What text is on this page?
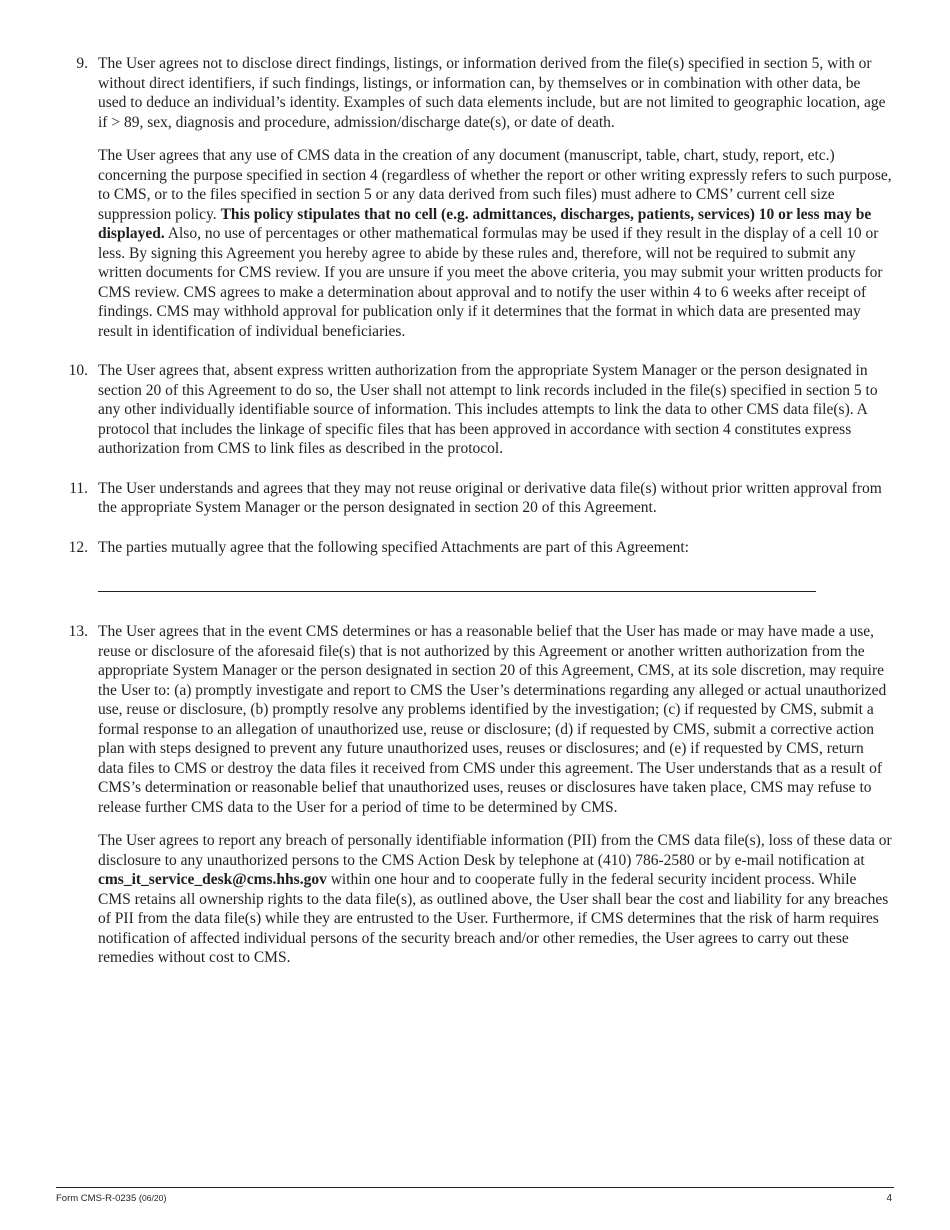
9. The User agrees not to disclose direct findings, listings, or information derived from the file(s) specified in section 5, with or without direct identifiers, if such findings, listings, or information can, by themselves or in combination with other data, be used to deduce an individual’s identity. Examples of such data elements include, but are not limited to geographic location, age if > 89, sex, diagnosis and procedure, admission/discharge date(s), or date of death.

The User agrees that any use of CMS data in the creation of any document (manuscript, table, chart, study, report, etc.) concerning the purpose specified in section 4 (regardless of whether the report or other writing expressly refers to such purpose, to CMS, or to the files specified in section 5 or any data derived from such files) must adhere to CMS’ current cell size suppression policy. This policy stipulates that no cell (e.g. admittances, discharges, patients, services) 10 or less may be displayed. Also, no use of percentages or other mathematical formulas may be used if they result in the display of a cell 10 or less. By signing this Agreement you hereby agree to abide by these rules and, therefore, will not be required to submit any written documents for CMS review. If you are unsure if you meet the above criteria, you may submit your written products for CMS review. CMS agrees to make a determination about approval and to notify the user within 4 to 6 weeks after receipt of findings. CMS may withhold approval for publication only if it determines that the format in which data are presented may result in identification of individual beneficiaries.

10. The User agrees that, absent express written authorization from the appropriate System Manager or the person designated in section 20 of this Agreement to do so, the User shall not attempt to link records included in the file(s) specified in section 5 to any other individually identifiable source of information. This includes attempts to link the data to other CMS data file(s). A protocol that includes the linkage of specific files that has been approved in accordance with section 4 constitutes express authorization from CMS to link files as described in the protocol.

11. The User understands and agrees that they may not reuse original or derivative data file(s) without prior written approval from the appropriate System Manager or the person designated in section 20 of this Agreement.

12. The parties mutually agree that the following specified Attachments are part of this Agreement:

13. The User agrees that in the event CMS determines or has a reasonable belief that the User has made or may have made a use, reuse or disclosure of the aforesaid file(s) that is not authorized by this Agreement or another written authorization from the appropriate System Manager or the person designated in section 20 of this Agreement, CMS, at its sole discretion, may require the User to: (a) promptly investigate and report to CMS the User’s determinations regarding any alleged or actual unauthorized use, reuse or disclosure, (b) promptly resolve any problems identified by the investigation; (c) if requested by CMS, submit a formal response to an allegation of unauthorized use, reuse or disclosure; (d) if requested by CMS, submit a corrective action plan with steps designed to prevent any future unauthorized uses, reuses or disclosures; and (e) if requested by CMS, return data files to CMS or destroy the data files it received from CMS under this agreement. The User understands that as a result of CMS’s determination or reasonable belief that unauthorized uses, reuses or disclosures have taken place, CMS may refuse to release further CMS data to the User for a period of time to be determined by CMS.

The User agrees to report any breach of personally identifiable information (PII) from the CMS data file(s), loss of these data or disclosure to any unauthorized persons to the CMS Action Desk by telephone at (410) 786-2580 or by e-mail notification at cms_it_service_desk@cms.hhs.gov within one hour and to cooperate fully in the federal security incident process. While CMS retains all ownership rights to the data file(s), as outlined above, the User shall bear the cost and liability for any breaches of PII from the data file(s) while they are entrusted to the User. Furthermore, if CMS determines that the risk of harm requires notification of affected individual persons of the security breach and/or other remedies, the User agrees to carry out these remedies without cost to CMS.

Form CMS-R-0235 (06/20)	4
